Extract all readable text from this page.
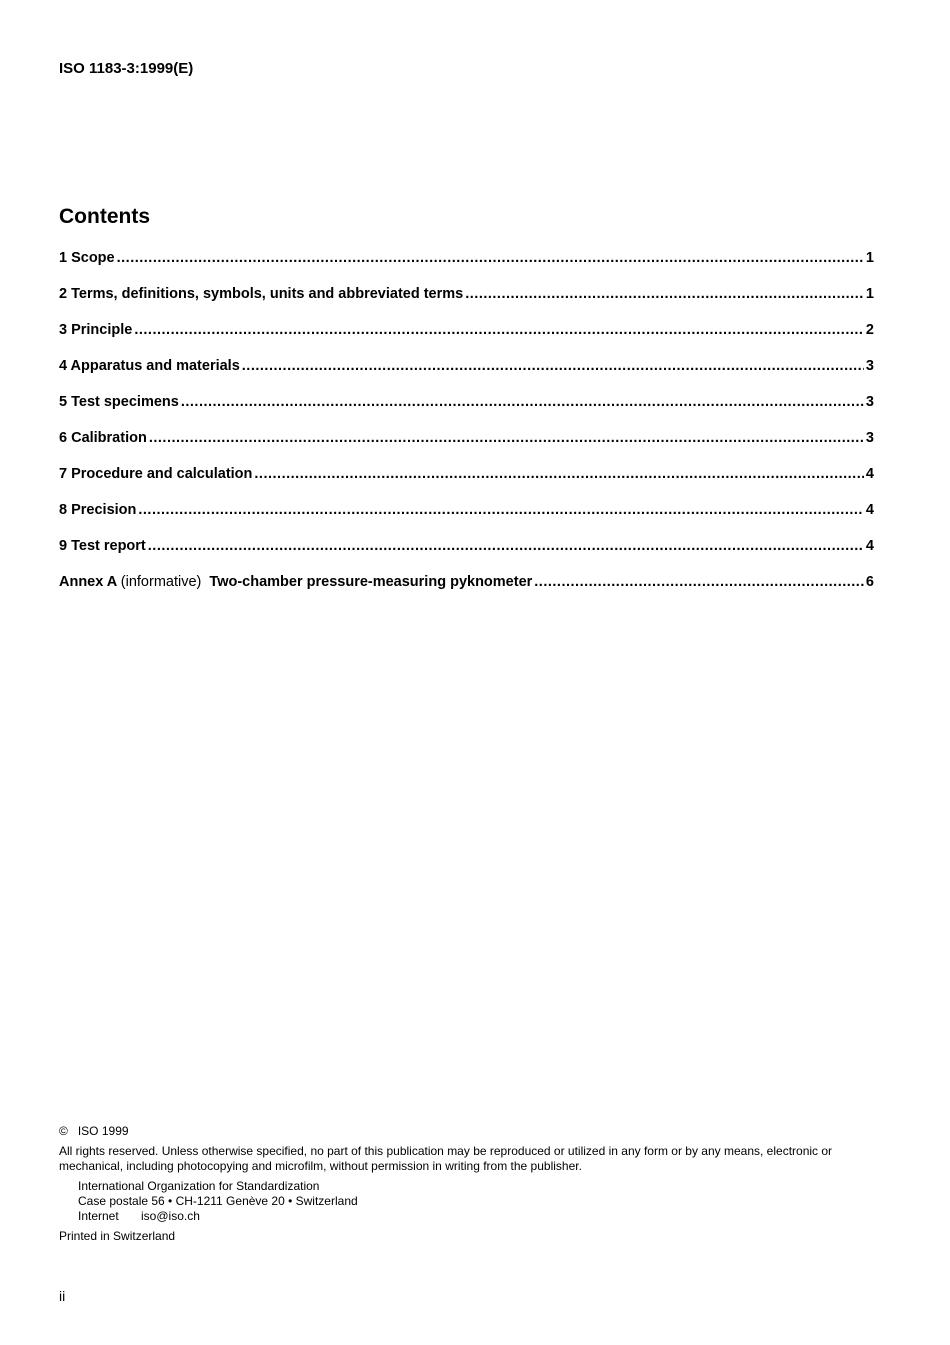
ISO 1183-3:1999(E)
Contents
1 Scope .....	1
2 Terms, definitions, symbols, units and abbreviated terms .....	1
3 Principle .....	2
4 Apparatus and materials .....	3
5 Test specimens .....	3
6 Calibration .....	3
7 Procedure and calculation .....	4
8 Precision .....	4
9 Test report .....	4
Annex A (informative) Two-chamber pressure-measuring pyknometer .....	6
© ISO 1999
All rights reserved. Unless otherwise specified, no part of this publication may be reproduced or utilized in any form or by any means, electronic or mechanical, including photocopying and microfilm, without permission in writing from the publisher.
International Organization for Standardization
Case postale 56 • CH-1211 Genève 20 • Switzerland
Internet iso@iso.ch
Printed in Switzerland
ii
